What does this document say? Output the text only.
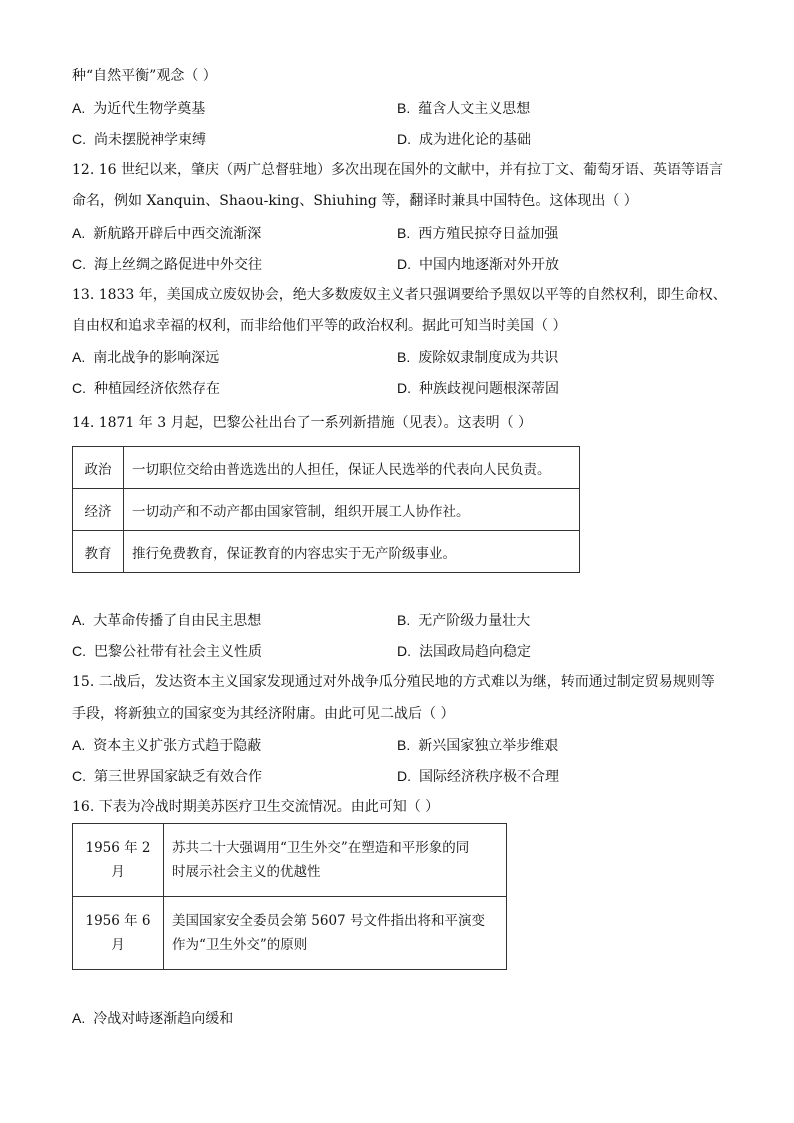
种“自然平衡”观念（ ）
A. 为近代生物学奠基	B. 蕴含人文主义思想
C. 尚未摆脱神学束缚	D. 成为进化论的基础
12. 16 世纪以来，肇庆（两广总督驻地）多次出现在国外的文献中，并有拉丁文、葡萄牙语、英语等语言
命名，例如 Xanquin、Shaou-king、Shiuhing 等，翻译时兼具中国特色。这体现出（ ）
A. 新航路开辟后中西交流渐深	B. 西方殖民掠夺日益加强
C. 海上丝绸之路促进中外交往	D. 中国内地逐渐对外开放
13. 1833 年，美国成立废奴协会，绝大多数废奴主义者只强调要给予黑奴以平等的自然权利，即生命权、
自由权和追求幸福的权利，而非给他们平等的政治权利。据此可知当时美国（ ）
A. 南北战争的影响深远	B. 废除奴隶制度成为共识
C. 种植园经济依然存在	D. 种族歧视问题根深蒂固
14. 1871 年 3 月起，巴黎公社出台了一系列新措施（见表）。这表明（ ）
政治	一切职位交给由普选选出的人担任，保证人民选举的代表向人民负责。
经济	一切动产和不动产都由国家管制，组织开展工人协作社。
教育	推行免费教育，保证教育的内容忠实于无产阶级事业。
A. 大革命传播了自由民主思想	B. 无产阶级力量壮大
C. 巴黎公社带有社会主义性质	D. 法国政局趋向稳定
15. 二战后，发达资本主义国家发现通过对外战争瓜分殖民地的方式难以为继，转而通过制定贸易规则等
手段，将新独立的国家变为其经济附庸。由此可见二战后（ ）
A. 资本主义扩张方式趋于隐蔽	B. 新兴国家独立举步维艰
C. 第三世界国家缺乏有效合作	D. 国际经济秩序极不合理
16. 下表为冷战时期美苏医疗卫生交流情况。由此可知（ ）
1956 年 2 月	苏共二十大强调用“卫生外交”在塑造和平形象的同
时展示社会主义的优越性

1956 年 6 月	美国国家安全委员会第 5607 号文件指出将和平演变
作为“卫生外交”的原则
A. 冷战对峙逐渐趋向缓和
